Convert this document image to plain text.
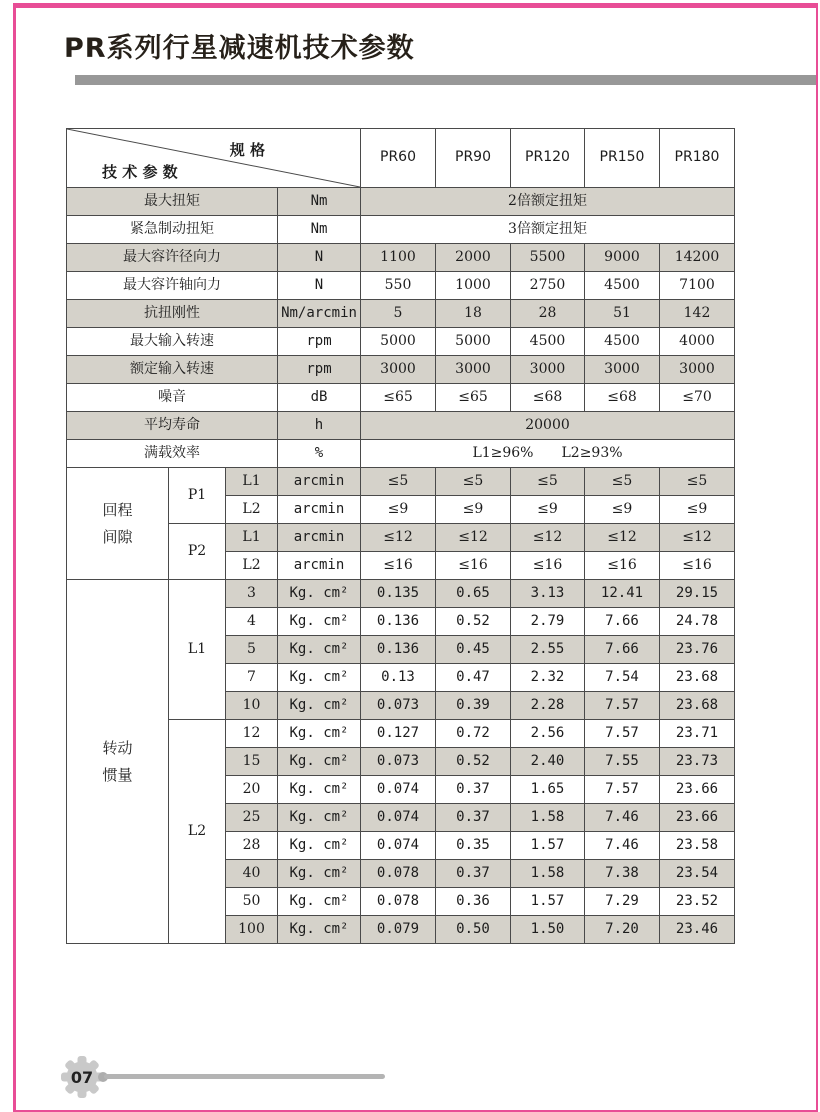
PR系列行星减速机技术参数
规 格
技 术 参 数				PR60	PR90	PR120	PR150	PR180
最大扭矩			Nm	2倍额定扭矩				
紧急制动扭矩			Nm	3倍额定扭矩				
最大容许径向力			N	1100	2000	5500	9000	14200
最大容许轴向力			N	550	1000	2750	4500	7100
抗扭刚性			Nm/arcmin	5	18	28	51	142
最大输入转速			rpm	5000	5000	4500	4500	4000
额定输入转速			rpm	3000	3000	3000	3000	3000
噪音			dB	≤65	≤65	≤68	≤68	≤70
平均寿命			h	20000				
满载效率			%	L1≥96%　　L2≥93%				
回程间隙	P1	L1	arcmin	≤5	≤5	≤5	≤5	≤5
		L2	arcmin	≤9	≤9	≤9	≤9	≤9
	P2	L1	arcmin	≤12	≤12	≤12	≤12	≤12
		L2	arcmin	≤16	≤16	≤16	≤16	≤16
转动惯量	L1	3	Kg. cm²	0.135	0.65	3.13	12.41	29.15
		4	Kg. cm²	0.136	0.52	2.79	7.66	24.78
		5	Kg. cm²	0.136	0.45	2.55	7.66	23.76
		7	Kg. cm²	0.13	0.47	2.32	7.54	23.68
		10	Kg. cm²	0.073	0.39	2.28	7.57	23.68
	L2	12	Kg. cm²	0.127	0.72	2.56	7.57	23.71
		15	Kg. cm²	0.073	0.52	2.40	7.55	23.73
		20	Kg. cm²	0.074	0.37	1.65	7.57	23.66
		25	Kg. cm²	0.074	0.37	1.58	7.46	23.66
		28	Kg. cm²	0.074	0.35	1.57	7.46	23.58
		40	Kg. cm²	0.078	0.37	1.58	7.38	23.54
		50	Kg. cm²	0.078	0.36	1.57	7.29	23.52
		100	Kg. cm²	0.079	0.50	1.50	7.20	23.46
07
